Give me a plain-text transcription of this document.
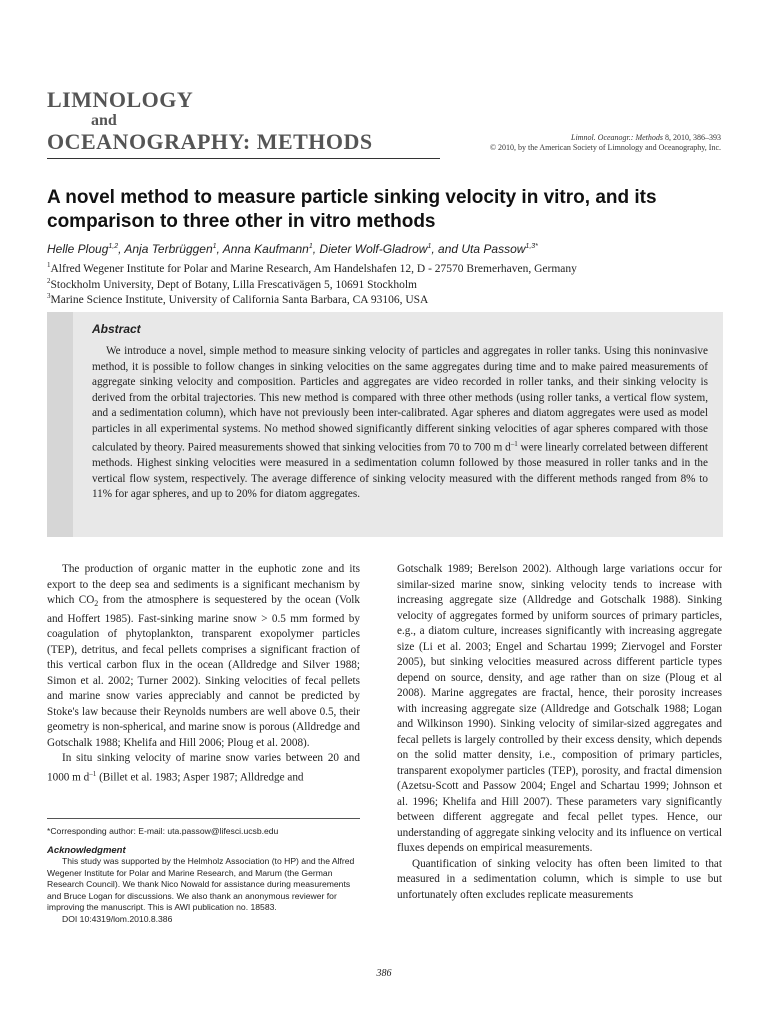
LIMNOLOGY
and
OCEANOGRAPHY: METHODS	Limnol. Oceanogr.: Methods 8, 2010, 386–393
© 2010, by the American Society of Limnology and Oceanography, Inc.
A novel method to measure particle sinking velocity in vitro, and its comparison to three other in vitro methods
Helle Ploug$^{1,2}$, Anja Terbrüggen$^1$, Anna Kaufmann$^1$, Dieter Wolf-Gladrow$^1$, and Uta Passow$^{1,3*}$
$^1$Alfred Wegener Institute for Polar and Marine Research, Am Handelshafen 12, D - 27570 Bremerhaven, Germany
$^2$Stockholm University, Dept of Botany, Lilla Frescativägen 5, 10691 Stockholm
$^3$Marine Science Institute, University of California Santa Barbara, CA 93106, USA
Abstract

We introduce a novel, simple method to measure sinking velocity of particles and aggregates in roller tanks. Using this noninvasive method, it is possible to follow changes in sinking velocities on the same aggregates during time and to make paired measurements of aggregate sinking velocity and composition. Particles and aggregates are video recorded in roller tanks, and their sinking velocity is derived from the orbital trajectories. This new method is compared with three other methods (using roller tanks, a vertical flow system, and a sedimentation column), which have not previously been inter-calibrated. Agar spheres and diatom aggregates were used as model particles in all experimental systems. No method showed significantly different sinking velocities of agar spheres compared with those calculated by theory. Paired measurements showed that sinking velocities from 70 to 700 m $d^{-1}$ were linearly correlated between different methods. Highest sinking velocities were measured in a sedimentation column followed by those measured in roller tanks and in the vertical flow system, respectively. The average difference of sinking velocity measured with the different methods ranged from 8% to 11% for agar spheres, and up to 20% for diatom aggregates.

The production of organic matter in the euphotic zone and its export to the deep sea and sediments is a significant mechanism by which $CO_2$ from the atmosphere is sequestered by the ocean (Volk and Hoffert 1985). Fast-sinking marine snow > 0.5 mm formed by coagulation of phytoplankton, transparent exopolymer particles (TEP), detritus, and fecal pellets comprises a significant fraction of this vertical carbon flux in the ocean (Alldredge and Silver 1988; Simon et al. 2002; Turner 2002). Sinking velocities of fecal pellets and marine snow varies appreciably and cannot be predicted by Stoke's law because their Reynolds numbers are well above 0.5, their geometry is non-spherical, and marine snow is porous (Alldredge and Gotschalk 1988; Khelifa and Hill 2006; Ploug et al. 2008).

In situ sinking velocity of marine snow varies between 20 and 1000 m $d^{-1}$ (Billet et al. 1983; Asper 1987; Alldredge and

Gotschalk 1989; Berelson 2002). Although large variations occur for similar-sized marine snow, sinking velocity tends to increase with increasing aggregate size (Alldredge and Gotschalk 1988). Sinking velocity of aggregates formed by uniform sources of primary particles, e.g., a diatom culture, increases significantly with increasing aggregate size (Li et al. 2003; Engel and Schartau 1999; Ziervogel and Forster 2005), but sinking velocities measured across different particle types depend on source, density, and age rather than on size (Ploug et al 2008). Marine aggregates are fractal, hence, their porosity increases with increasing aggregate size (Alldredge and Gotschalk 1988; Logan and Wilkinson 1990). Sinking velocity of similar-sized aggregates and fecal pellets is largely controlled by their excess density, which depends on the solid matter density, i.e., composition of primary particles, transparent exopolymer particles (TEP), porosity, and fractal dimension (Azetsu-Scott and Passow 2004; Engel and Schartau 1999; Johnson et al. 1996; Khelifa and Hill 2007). These parameters vary significantly between different aggregate and fecal pellet types. Hence, our understanding of aggregate sinking velocity and its influence on vertical fluxes depends on empirical measurements.

Quantification of sinking velocity has often been limited to that measured in a sedimentation column, which is simple to use but unfortunately often excludes replicate measurements

*Corresponding author: E-mail: uta.passow@lifesci.ucsb.edu

Acknowledgment

This study was supported by the Helmholz Association (to HP) and the Alfred Wegener Institute for Polar and Marine Research, and Marum (the German Research Council). We thank Nico Nowald for assistance during measurements and Bruce Logan for discussions. We also thank an anonymous reviewer for improving the manuscript. This is AWI publication no. 18583.

DOI 10:4319/lom.2010.8.386

386
